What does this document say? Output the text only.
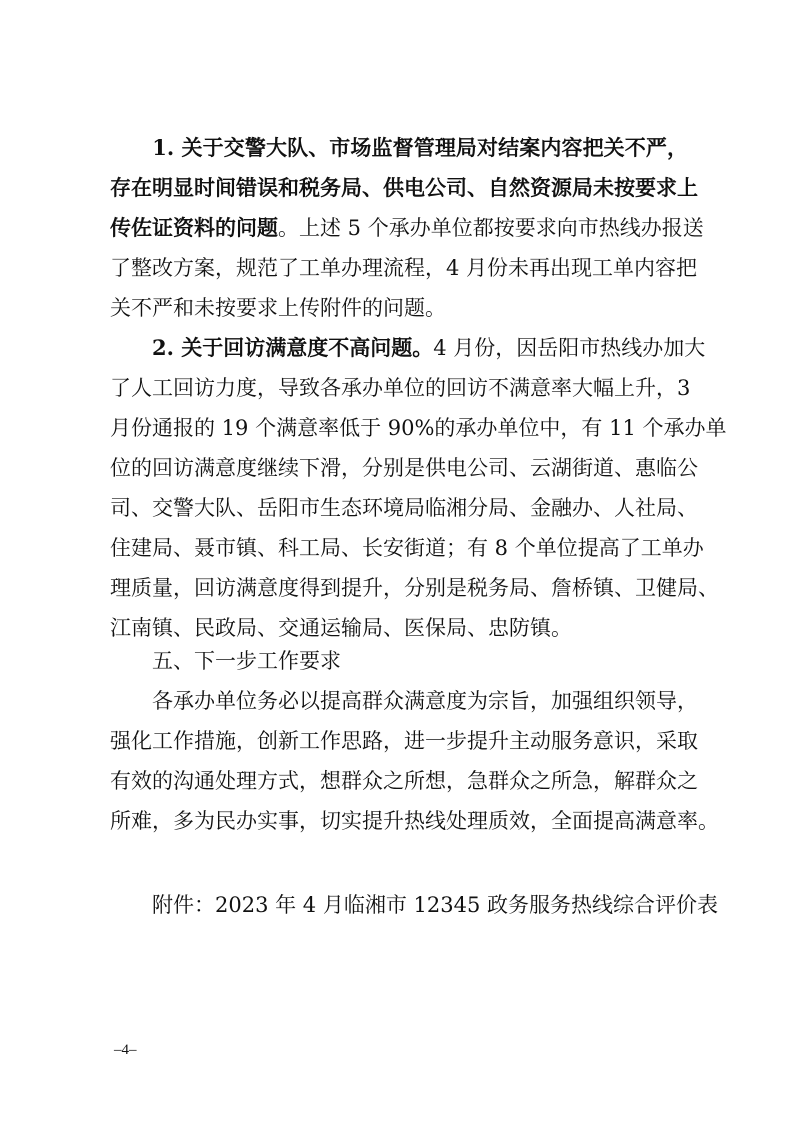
　　1. 关于交警大队、市场监督管理局对结案内容把关不严，
存在明显时间错误和税务局、供电公司、自然资源局未按要求上
传佐证资料的问题。上述 5 个承办单位都按要求向市热线办报送
了整改方案，规范了工单办理流程，4 月份未再出现工单内容把
关不严和未按要求上传附件的问题。
　　2. 关于回访满意度不高问题。4 月份，因岳阳市热线办加大
了人工回访力度，导致各承办单位的回访不满意率大幅上升，3
月份通报的 19 个满意率低于 90%的承办单位中，有 11 个承办单
位的回访满意度继续下滑，分别是供电公司、云湖街道、惠临公
司、交警大队、岳阳市生态环境局临湘分局、金融办、人社局、
住建局、聂市镇、科工局、长安街道；有 8 个单位提高了工单办
理质量，回访满意度得到提升，分别是税务局、詹桥镇、卫健局、
江南镇、民政局、交通运输局、医保局、忠防镇。
　　五、下一步工作要求
　　各承办单位务必以提高群众满意度为宗旨，加强组织领导，
强化工作措施，创新工作思路，进一步提升主动服务意识，采取
有效的沟通处理方式，想群众之所想，急群众之所急，解群众之
所难，多为民办实事，切实提升热线处理质效，全面提高满意率。
　　附件：2023 年 4 月临湘市 12345 政务服务热线综合评价表
–4–
